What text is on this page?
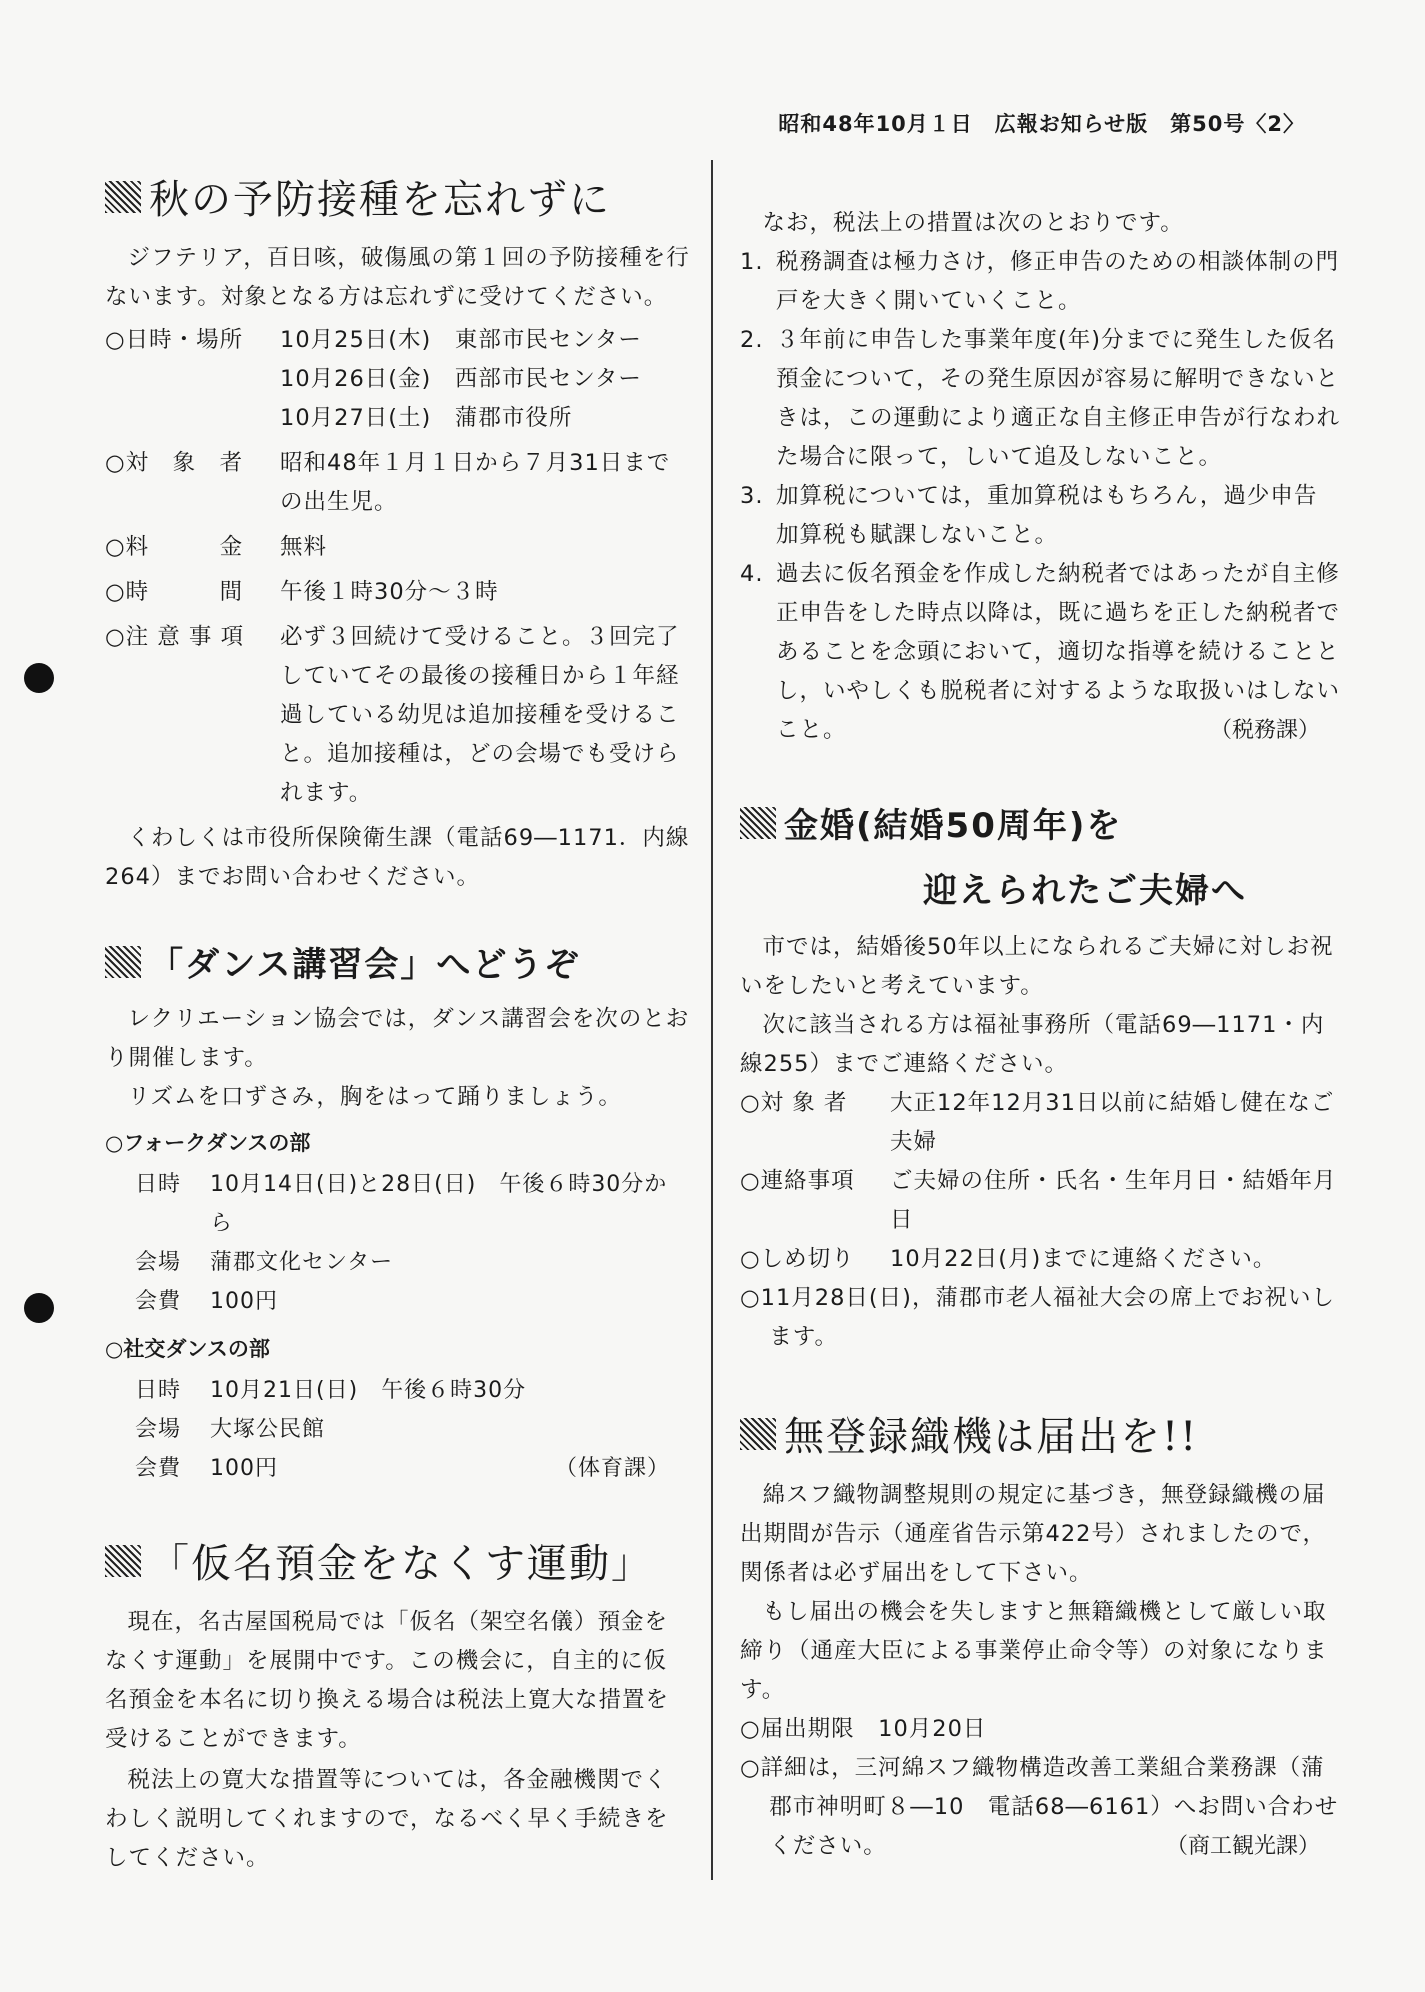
昭和48年10月１日　広報お知らせ版　第50号〈2〉
秋の予防接種を忘れずに

ジフテリア，百日咳，破傷風の第１回の予防接種を行ないます。対象となる方は忘れずに受けてください。

○日時・場所	10月25日(木)　東部市民センター
10月26日(金)　西部市民センター
10月27日(土)　蒲郡市役所
○対　象　者	昭和48年１月１日から７月31日までの出生児。
○料　　　金	無料
○時　　　間	午後１時30分～３時
○注 意 事 項	必ず３回続けて受けること。３回完了していてその最後の接種日から１年経過している幼児は追加接種を受けること。追加接種は，どの会場でも受けられます。

くわしくは市役所保険衛生課（電話69―1171．内線264）までお問い合わせください。

「ダンス講習会」へどうぞ

レクリエーション協会では，ダンス講習会を次のとおり開催します。

リズムを口ずさみ，胸をはって踊りましょう。

○フォークダンスの部
日時	10月14日(日)と28日(日)　午後６時30分から
会場	蒲郡文化センター
会費	100円
○社交ダンスの部
日時	10月21日(日)　午後６時30分
会場	大塚公民館
会費	100円	（体育課）
「仮名預金をなくす運動」

現在，名古屋国税局では「仮名（架空名儀）預金をなくす運動」を展開中です。この機会に，自主的に仮名預金を本名に切り換える場合は税法上寛大な措置を受けることができます。

税法上の寛大な措置等については，各金融機関でくわしく説明してくれますので，なるべく早く手続きをしてください。

なお，税法上の措置は次のとおりです。

1. 税務調査は極力さけ，修正申告のための相談体制の門戸を大きく開いていくこと。
2. ３年前に申告した事業年度(年)分までに発生した仮名預金について，その発生原因が容易に解明できないときは，この運動により適正な自主修正申告が行なわれた場合に限って，しいて追及しないこと。
3. 加算税については，重加算税はもちろん，過少申告加算税も賦課しないこと。
4. 過去に仮名預金を作成した納税者ではあったが自主修正申告をした時点以降は，既に過ちを正した納税者であることを念頭において，適切な指導を続けることとし，いやしくも脱税者に対するような取扱いはしないこと。	（税務課）
金婚(結婚50周年)を
迎えられたご夫婦へ

市では，結婚後50年以上になられるご夫婦に対しお祝いをしたいと考えています。

次に該当される方は福祉事務所（電話69―1171・内線255）までご連絡ください。

○対 象 者	大正12年12月31日以前に結婚し健在なご夫婦
○連絡事項	ご夫婦の住所・氏名・生年月日・結婚年月日
○しめ切り	10月22日(月)までに連絡ください。

○11月28日(日)，蒲郡市老人福祉大会の席上でお祝いします。

無登録織機は届出を!!

綿スフ織物調整規則の規定に基づき，無登録織機の届出期間が告示（通産省告示第422号）されましたので，関係者は必ず届出をして下さい。

もし届出の機会を失しますと無籍織機として厳しい取締り（通産大臣による事業停止命令等）の対象になります。

○届出期限　10月20日

○詳細は，三河綿スフ織物構造改善工業組合業務課（蒲郡市神明町８―10　電話68―6161）へお問い合わせください。	（商工観光課）
